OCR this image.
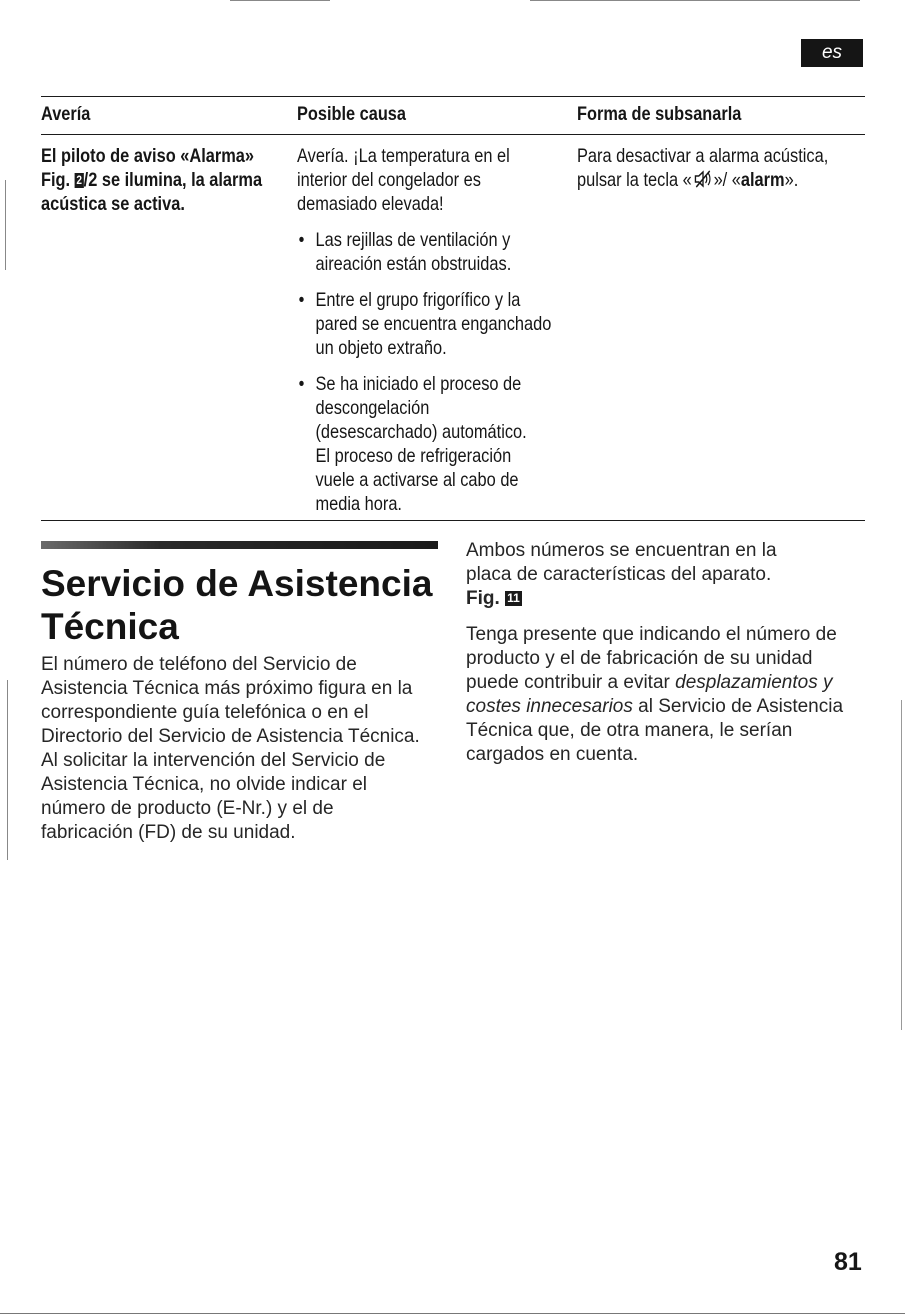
es
Avería	Posible causa	Forma de subsanarla
El piloto de aviso «Alarma» Fig. 2/2 se ilumina, la alarma acústica se activa.
Avería. ¡La temperatura en el interior del congelador es demasiado elevada!
• Las rejillas de ventilación y aireación están obstruidas.
• Entre el grupo frigorífico y la pared se encuentra enganchado un objeto extraño.
• Se ha iniciado el proceso de descongelación (desescarchado) automático.
El proceso de refrigeración vuele a activarse al cabo de media hora.
Para desactivar a alarma acústica, pulsar la tecla « »/ «alarm».
Servicio de Asistencia Técnica
El número de teléfono del Servicio de Asistencia Técnica más próximo figura en la correspondiente guía telefónica o en el Directorio del Servicio de Asistencia Técnica. Al solicitar la intervención del Servicio de Asistencia Técnica, no olvide indicar el número de producto (E-Nr.) y el de fabricación (FD) de su unidad.
Ambos números se encuentran en la placa de características del aparato.
Fig. 11
Tenga presente que indicando el número de producto y el de fabricación de su unidad puede contribuir a evitar desplazamientos y costes innecesarios al Servicio de Asistencia Técnica que, de otra manera, le serían cargados en cuenta.
81
